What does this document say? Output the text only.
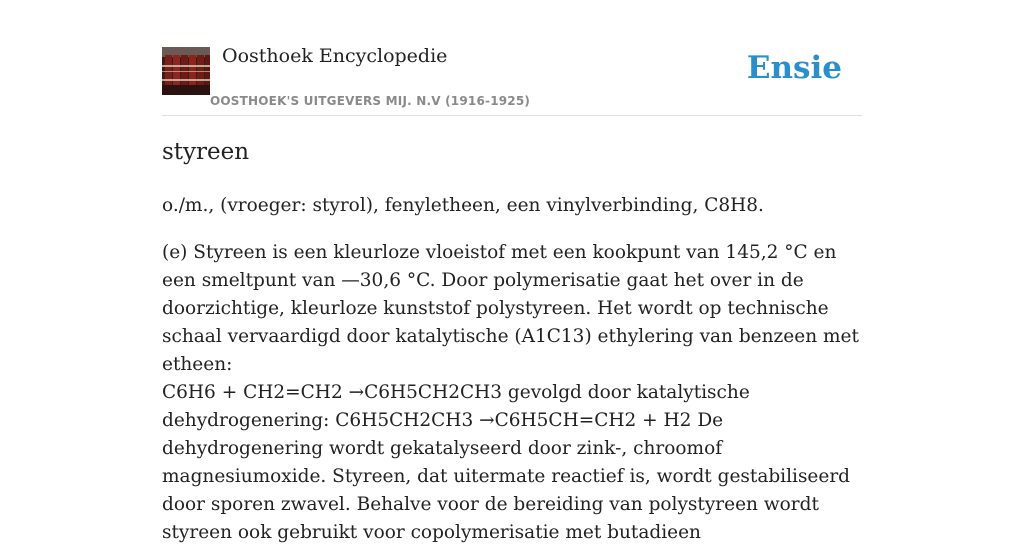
Oosthoek Encyclopedie
OOSTHOEK'S UITGEVERS MIJ. N.V (1916-1925)
Ensie
styreen

o./m., (vroeger: styrol), fenyletheen, een vinylverbinding, C8H8.

(e) Styreen is een kleurloze vloeistof met een kookpunt van 145,2 °C en een smeltpunt van —30,6 °C. Door polymerisatie gaat het over in de doorzichtige, kleurloze kunststof polystyreen. Het wordt op technische schaal vervaardigd door katalytische (A1C13) ethylering van benzeen met etheen:

C6H6 + CH2=CH2 →C6H5CH2CH3 gevolgd door katalytische dehydrogenering: C6H5CH2CH3 →C6H5CH=CH2 + H2 De dehydrogenering wordt gekatalyseerd door zink-, chroomof magnesiumoxide. Styreen, dat uitermate reactief is, wordt gestabiliseerd door sporen zwavel. Behalve voor de bereiding van polystyreen wordt styreen ook gebruikt voor copolymerisatie met butadieen
